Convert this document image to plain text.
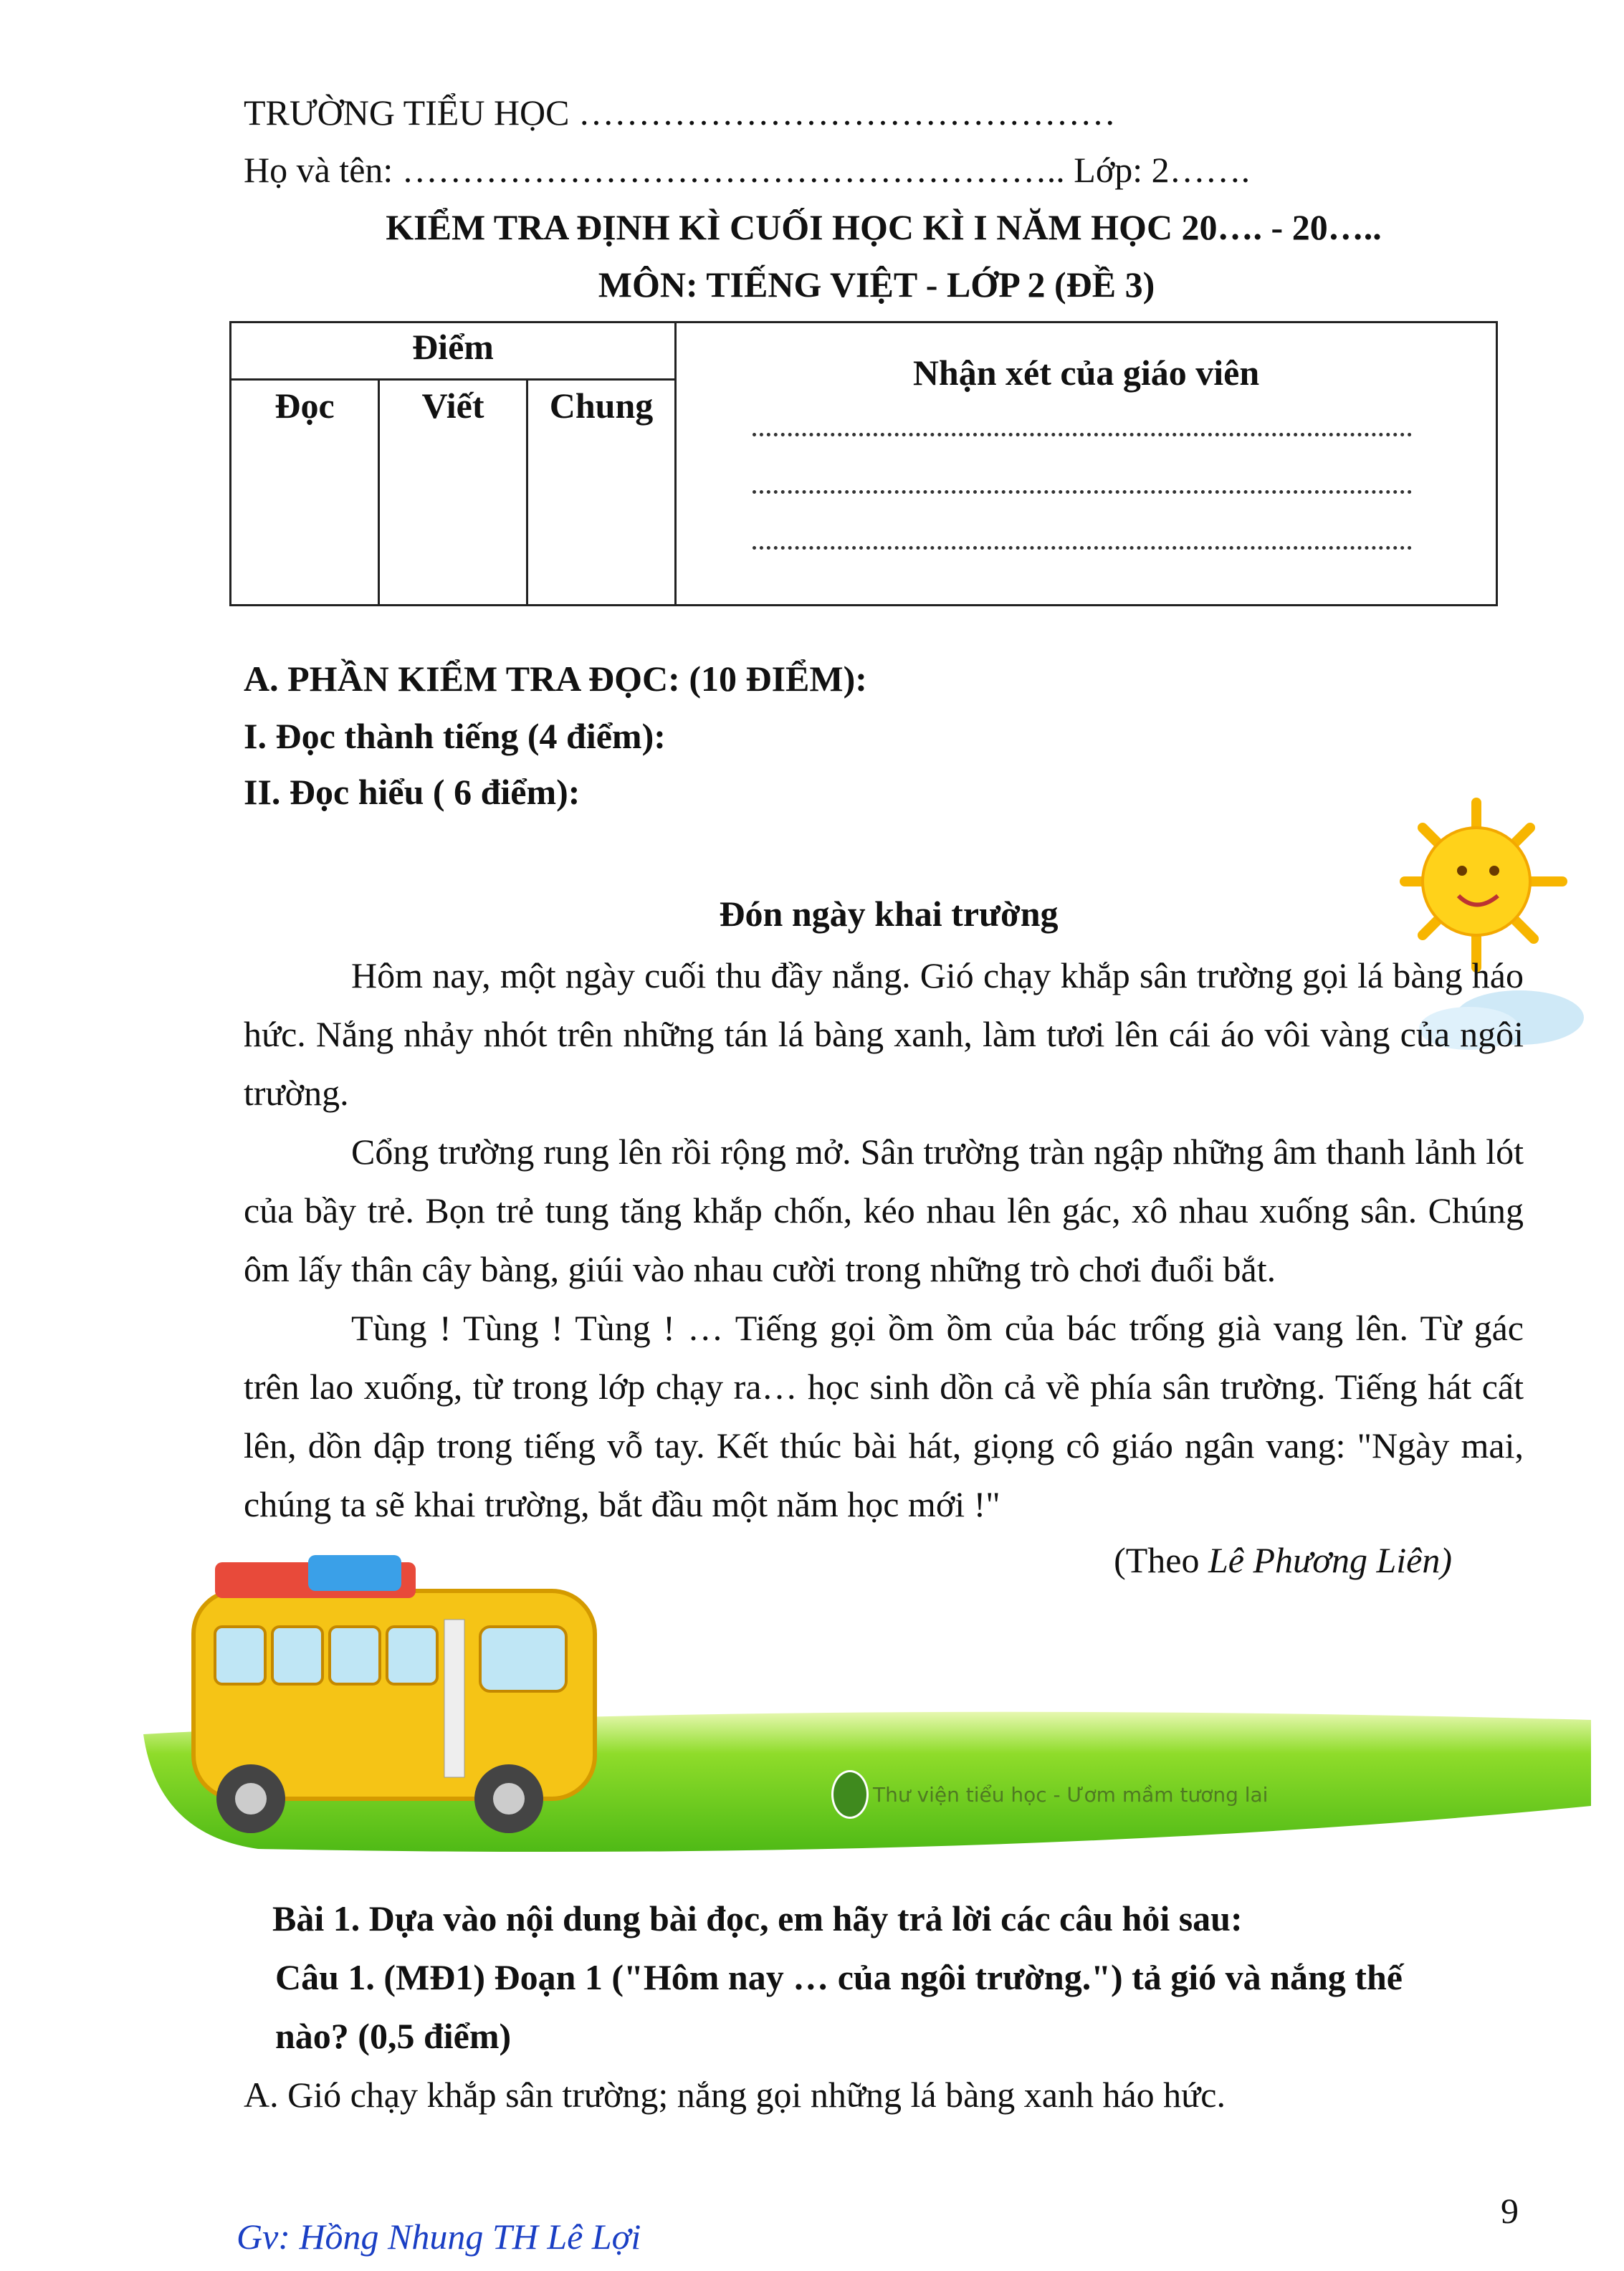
TRƯỜNG TIỂU HỌC ………………………………………
Họ và tên: ……………………………………………….. Lớp: 2…….
KIỂM TRA ĐỊNH KÌ CUỐI HỌC KÌ I NĂM HỌC 20…. - 20…..
MÔN: TIẾNG VIỆT - LỚP 2 (ĐỀ 3)
Điểm			Nhận xét của giáo viên
Đọc	Viết	Chung	
A. PHẦN KIỂM TRA ĐỌC: (10 ĐIỂM):
I. Đọc thành tiếng (4 điểm):
II. Đọc hiểu ( 6 điểm):
Đón ngày khai trường

Hôm nay, một ngày cuối thu đầy nắng. Gió chạy khắp sân trường gọi lá bàng háo hức. Nắng nhảy nhót trên những tán lá bàng xanh, làm tươi lên cái áo vôi vàng của ngôi trường.

Cổng trường rung lên rồi rộng mở. Sân trường tràn ngập những âm thanh lảnh lót của bầy trẻ. Bọn trẻ tung tăng khắp chốn, kéo nhau lên gác, xô nhau xuống sân. Chúng ôm lấy thân cây bàng, giúi vào nhau cười trong những trò chơi đuổi bắt.

Tùng ! Tùng ! Tùng ! … Tiếng gọi ồm ồm của bác trống già vang lên. Từ gác trên lao xuống, từ trong lớp chạy ra… học sinh dồn cả về phía sân trường. Tiếng hát cất lên, dồn dập trong tiếng vỗ tay. Kết thúc bài hát, giọng cô giáo ngân vang: "Ngày mai, chúng ta sẽ khai trường, bắt đầu một năm học mới !"

(Theo Lê Phương Liên)
Thư viện tiểu học - Ươm mầm tương lai
Bài 1. Dựa vào nội dung bài đọc, em hãy trả lời các câu hỏi sau:
Câu 1. (MĐ1) Đoạn 1 ("Hôm nay … của ngôi trường.") tả gió và nắng thế
nào? (0,5 điểm)
A. Gió chạy khắp sân trường; nắng gọi những lá bàng xanh háo hức.
9
Gv: Hồng Nhung TH Lê Lợi
